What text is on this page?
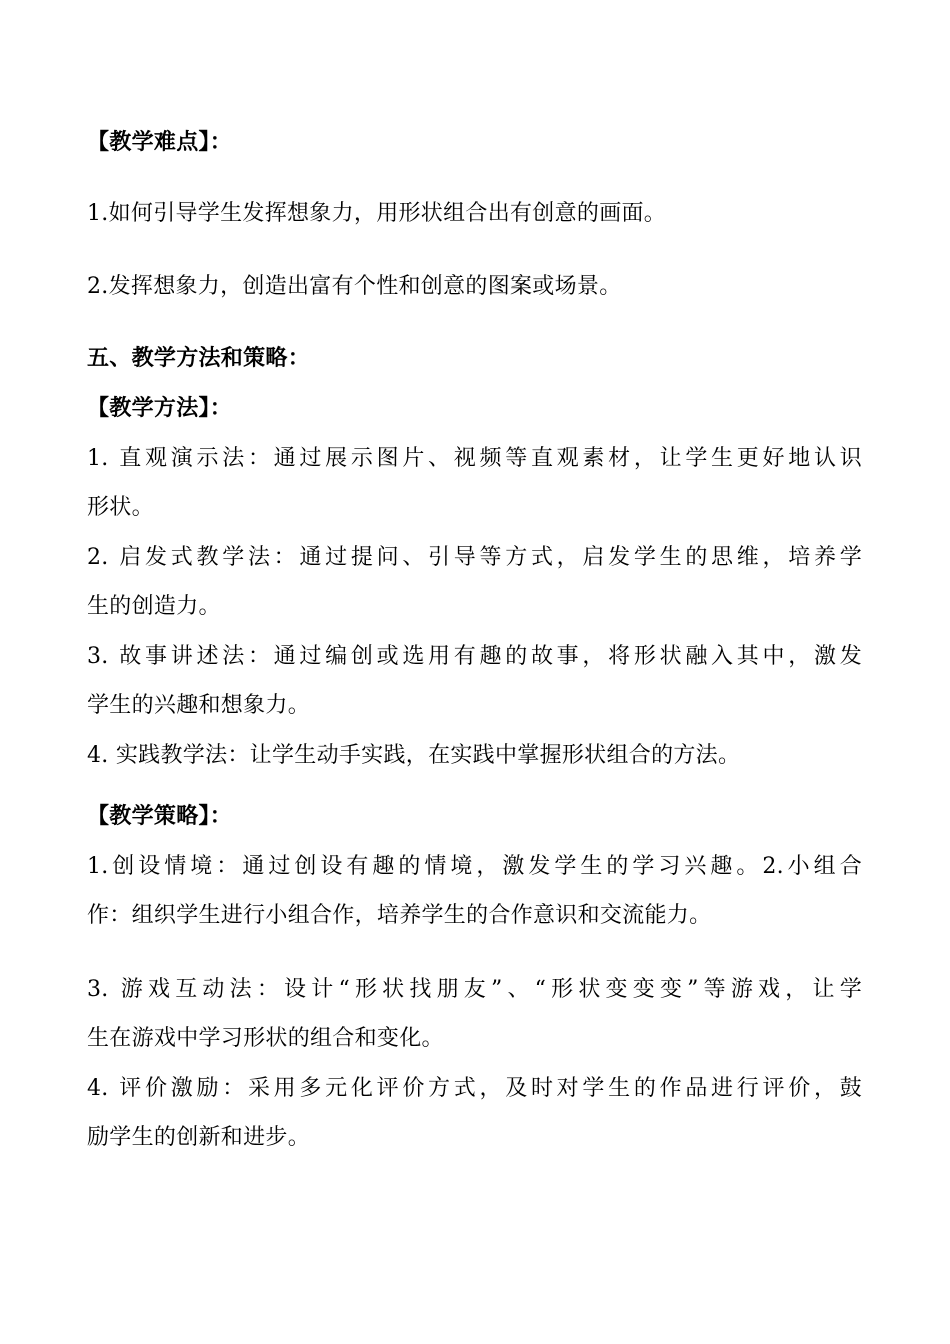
【教学难点】：
1.如何引导学生发挥想象力，用形状组合出有创意的画面。
2.发挥想象力，创造出富有个性和创意的图案或场景。
五、教学方法和策略：
【教学方法】：
1. 直观演示法：通过展示图片、视频等直观素材，让学生更好地认识
形状。
2. 启发式教学法：通过提问、引导等方式，启发学生的思维，培养学
生的创造力。
3. 故事讲述法：通过编创或选用有趣的故事，将形状融入其中，激发
学生的兴趣和想象力。
4. 实践教学法：让学生动手实践，在实践中掌握形状组合的方法。
【教学策略】：
1.创设情境：通过创设有趣的情境，激发学生的学习兴趣。2.小组合
作：组织学生进行小组合作，培养学生的合作意识和交流能力。
3. 游戏互动法：设计“形状找朋友”、“形状变变变”等游戏，让学
生在游戏中学习形状的组合和变化。
4. 评价激励：采用多元化评价方式，及时对学生的作品进行评价，鼓
励学生的创新和进步。
